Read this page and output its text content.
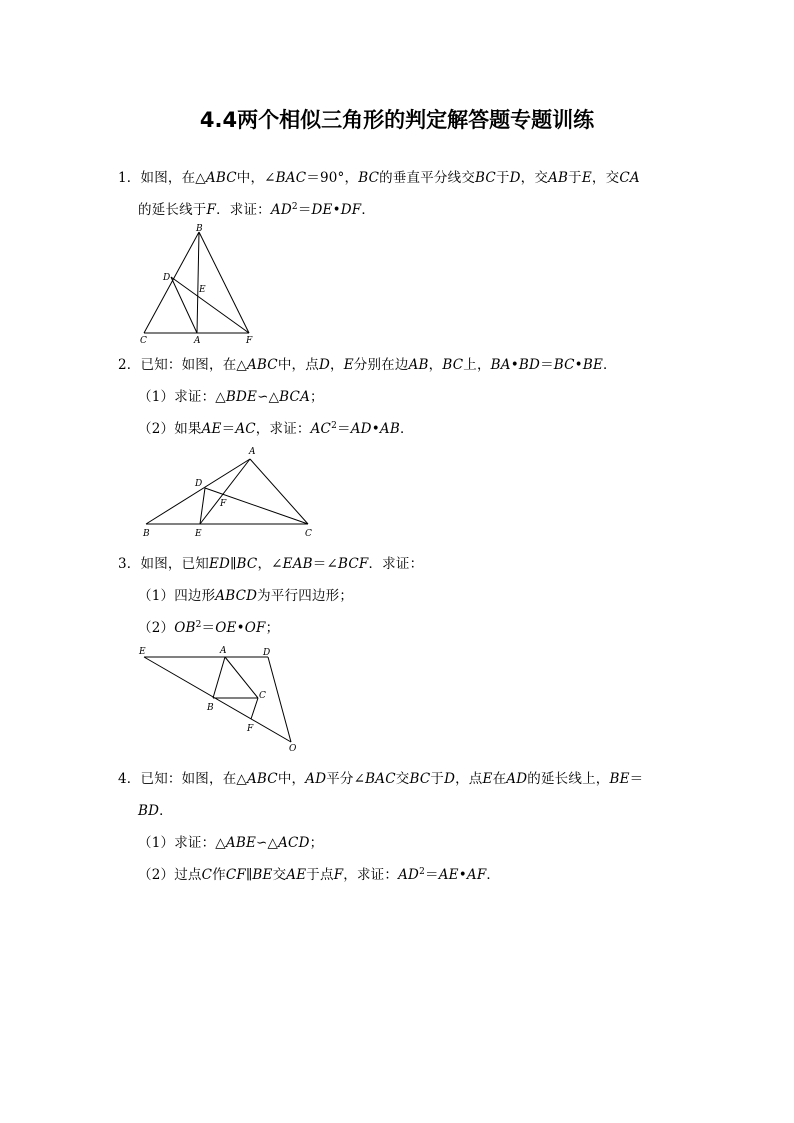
4.4两个相似三角形的判定解答题专题训练
1．如图，在△ABC中，∠BAC＝90°，BC的垂直平分线交BC于D，交AB于E，交CA
的延长线于F．求证：$AD^2=DE•DF$．
B
D
E
C	A	F
2．已知：如图，在△ABC中，点D，E分别在边AB，BC上，BA•BD＝BC•BE．
（1）求证：△BDE∽△BCA；
（2）如果AE＝AC，求证：$AC^2=AD•AB$．
A
D
F
B	E	C
3．如图，已知ED∥BC，∠EAB＝∠BCF．求证：
（1）四边形ABCD为平行四边形；
$(2)OB^2=OE•OF$；
E	A	D
C
B
F
O
4．已知：如图，在△ABC中，AD平分∠BAC交BC于D，点E在AD的延长线上，BE＝
BD．
（1）求证：△ABE∽△ACD；
（2）过点C作CF∥BE交AE于点F，求证：$AD^2=AE•AF$．
